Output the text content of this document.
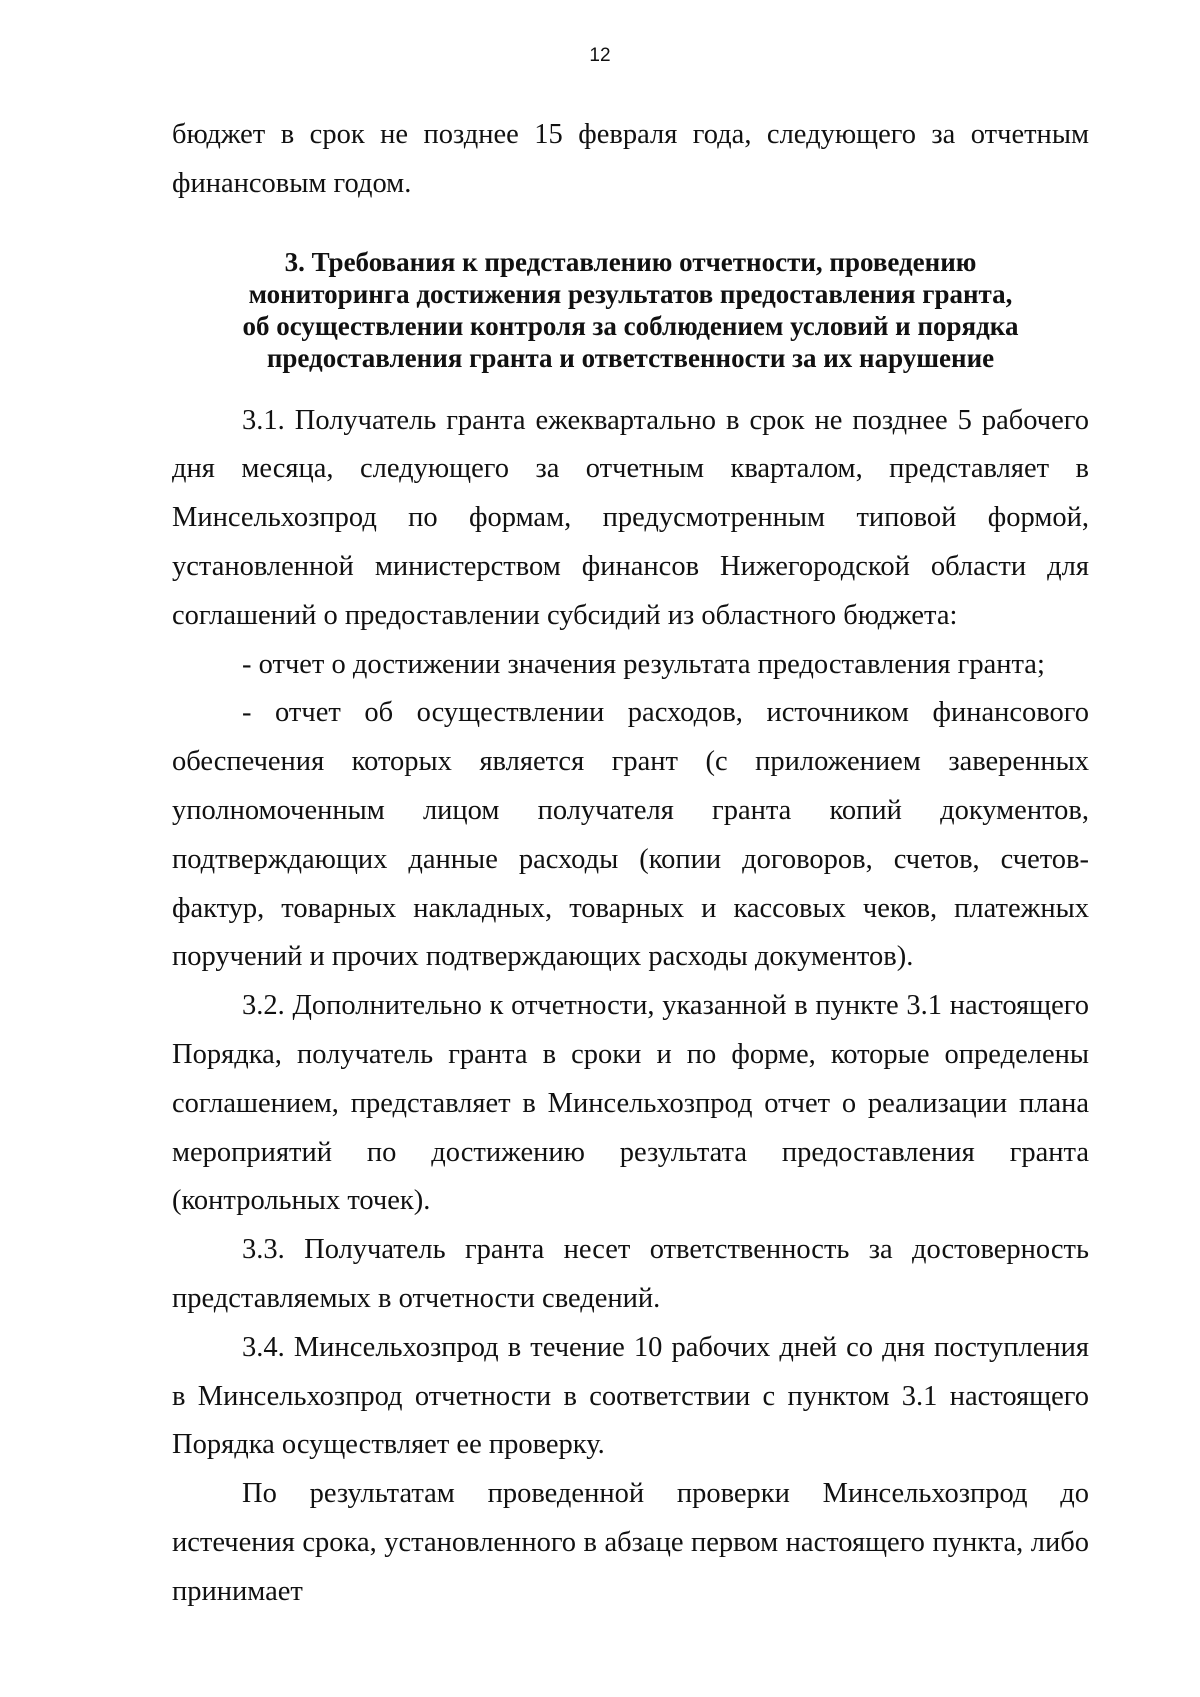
12

бюджет в срок не позднее 15 февраля года, следующего за отчетным финансовым годом.

3. Требования к представлению отчетности, проведению
мониторинга достижения результатов предоставления гранта,
об осуществлении контроля за соблюдением условий и порядка
предоставления гранта и ответственности за их нарушение

3.1. Получатель гранта ежеквартально в срок не позднее 5 рабочего дня месяца, следующего за отчетным кварталом, представляет в Минсельхозпрод по формам, предусмотренным типовой формой, установленной министерством финансов Нижегородской области для соглашений о предоставлении субсидий из областного бюджета:

- отчет о достижении значения результата предоставления гранта;

- отчет об осуществлении расходов, источником финансового обеспечения которых является грант (с приложением заверенных уполномоченным лицом получателя гранта копий документов, подтверждающих данные расходы (копии договоров, счетов, счетов-фактур, товарных накладных, товарных и кассовых чеков, платежных поручений и прочих подтверждающих расходы документов).

3.2. Дополнительно к отчетности, указанной в пункте 3.1 настоящего Порядка, получатель гранта в сроки и по форме, которые определены соглашением, представляет в Минсельхозпрод отчет о реализации плана мероприятий по достижению результата предоставления гранта (контрольных точек).

3.3. Получатель гранта несет ответственность за достоверность представляемых в отчетности сведений.

3.4. Минсельхозпрод в течение 10 рабочих дней со дня поступления в Минсельхозпрод отчетности в соответствии с пунктом 3.1 настоящего Порядка осуществляет ее проверку.

По результатам проведенной проверки Минсельхозпрод до истечения срока, установленного в абзаце первом настоящего пункта, либо принимает
